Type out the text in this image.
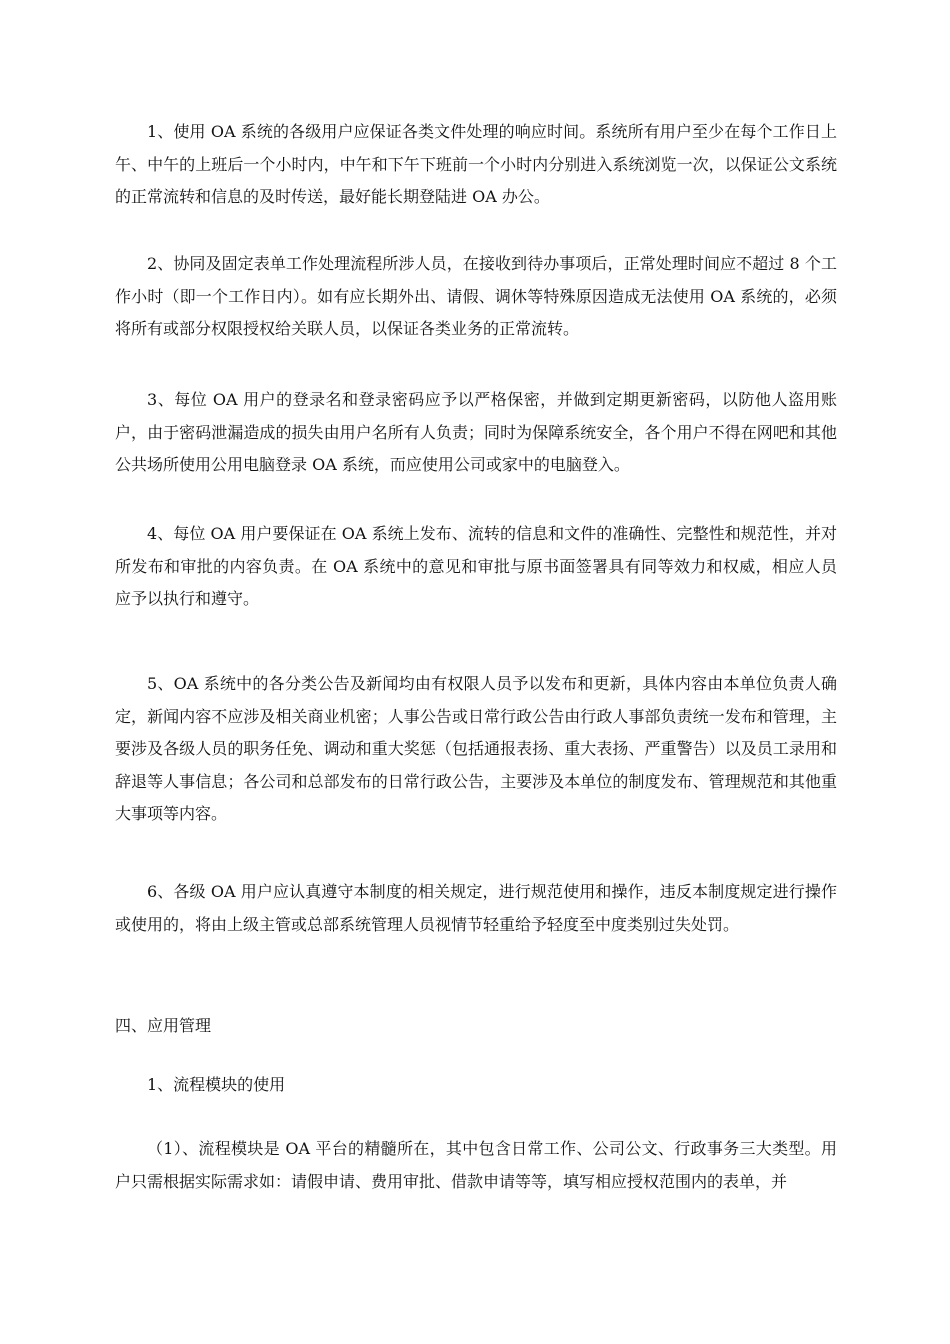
1、使用 OA 系统的各级用户应保证各类文件处理的响应时间。系统所有用户至少在每个工作日上午、中午的上班后一个小时内，中午和下午下班前一个小时内分别进入系统浏览一次，以保证公文系统的正常流转和信息的及时传送，最好能长期登陆进 OA 办公。

2、协同及固定表单工作处理流程所涉人员，在接收到待办事项后，正常处理时间应不超过 8 个工作小时（即一个工作日内）。如有应长期外出、请假、调休等特殊原因造成无法使用 OA 系统的，必须将所有或部分权限授权给关联人员，以保证各类业务的正常流转。

3、每位 OA 用户的登录名和登录密码应予以严格保密，并做到定期更新密码，以防他人盗用账户，由于密码泄漏造成的损失由用户名所有人负责；同时为保障系统安全，各个用户不得在网吧和其他公共场所使用公用电脑登录 OA 系统，而应使用公司或家中的电脑登入。

4、每位 OA 用户要保证在 OA 系统上发布、流转的信息和文件的准确性、完整性和规范性，并对所发布和审批的内容负责。在 OA 系统中的意见和审批与原书面签署具有同等效力和权威，相应人员应予以执行和遵守。

5、OA 系统中的各分类公告及新闻均由有权限人员予以发布和更新，具体内容由本单位负责人确定，新闻内容不应涉及相关商业机密；人事公告或日常行政公告由行政人事部负责统一发布和管理，主要涉及各级人员的职务任免、调动和重大奖惩（包括通报表扬、重大表扬、严重警告）以及员工录用和辞退等人事信息；各公司和总部发布的日常行政公告，主要涉及本单位的制度发布、管理规范和其他重大事项等内容。

6、各级 OA 用户应认真遵守本制度的相关规定，进行规范使用和操作，违反本制度规定进行操作或使用的，将由上级主管或总部系统管理人员视情节轻重给予轻度至中度类别过失处罚。

四、应用管理

1、流程模块的使用

（1）、流程模块是 OA 平台的精髓所在，其中包含日常工作、公司公文、行政事务三大类型。用户只需根据实际需求如：请假申请、费用审批、借款申请等等，填写相应授权范围内的表单，并
